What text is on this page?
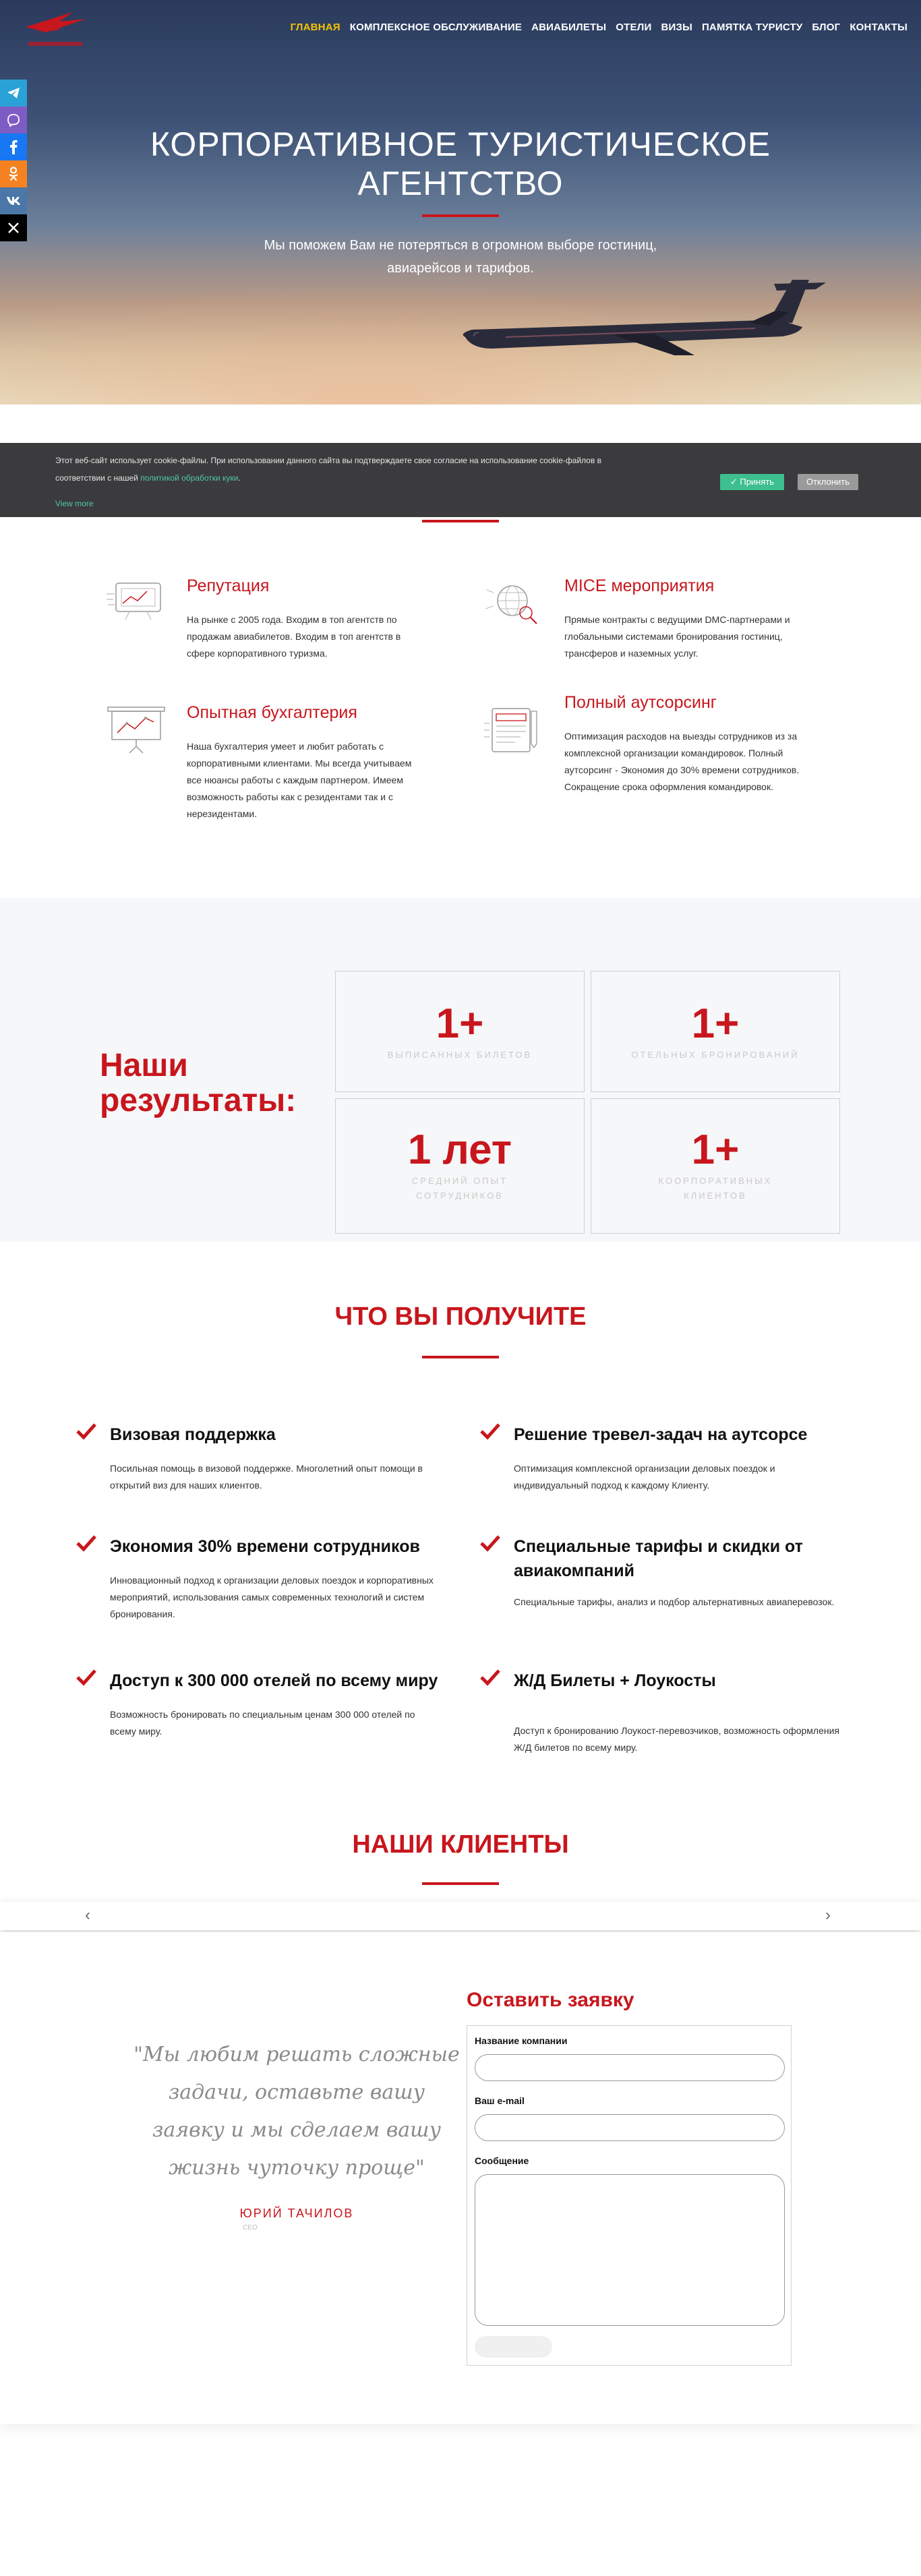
ГЛАВНАЯ КОМПЛЕКСНОЕ ОБСЛУЖИВАНИЕ АВИАБИЛЕТЫ ОТЕЛИ ВИЗЫ ПАМЯТКА ТУРИСТУ БЛОГ КОНТАКТЫ
КОРПОРАТИВНОЕ ТУРИСТИЧЕСКОЕ
АГЕНТСТВО

Мы поможем Вам не потеряться в огромном выборе гостиниц,
авиарейсов и тарифов.

Этот веб-сайт использует cookie-файлы. При использовании данного сайта вы подтверждаете свое согласие на использование cookie-файлов в
соответствии с нашей политикой обработки куки.
View more
✓ Принять	Отклонить
Репутация

На рынке с 2005 года. Входим в топ агентств по продажам авиабилетов. Входим в топ агентств в сфере корпоративного туризма.

MICE мероприятия

Прямые контракты с ведущими DMC-партнерами и глобальными системами бронирования гостиниц, трансферов и наземных услуг.

Опытная бухгалтерия

Наша бухгалтерия умеет и любит работать с корпоративными клиентами. Мы всегда учитываем все нюансы работы с каждым партнером. Имеем возможность работы как с резидентами так и с нерезидентами.

Полный аутсорсинг

Оптимизация расходов на выезды сотрудников из за комплексной организации командировок. Полный аутсорсинг - Экономия до 30% времени сотрудников. Сокращение срока оформления командировок.

Наши
результаты:
1+
ВЫПИСАННЫХ БИЛЕТОВ
1+
ОТЕЛЬНЫХ БРОНИРОВАНИЙ
1 лет
СРЕДНИЙ ОПЫТ
СОТРУДНИКОВ
1+
КООРПОРАТИВНЫХ
КЛИЕНТОВ
ЧТО ВЫ ПОЛУЧИТЕ
Визовая поддержка

Посильная помощь в визовой поддержке. Многолетний опыт помощи в открытий виз для наших клиентов.

Решение тревел-задач на аутсорсе

Оптимизация комплексной организации деловых поездок и индивидуальный подход к каждому Клиенту.

Экономия 30% времени сотрудников

Инновационный подход к организации деловых поездок и корпоративных мероприятий, использования самых современных технологий и систем бронирования.

Специальные тарифы и скидки от авиакомпаний

Специальные тарифы, анализ и подбор альтернативных авиаперевозок.

Доступ к 300 000 отелей по всему миру

Возможность бронировать по специальным ценам 300 000 отелей по всему миру.

Ж/Д Билеты + Лоукосты

Доступ к бронированию Лоукост-перевозчиков, возможность оформления Ж/Д билетов по всему миру.

НАШИ КЛИЕНТЫ
‹	›
"Мы любим решать сложные
задачи, оставьте вашу
заявку и мы сделаем вашу
жизнь чуточку проще"
ЮРИЙ ТАЧИЛОВ
CEO
Оставить заявку
Название компании
Ваш e-mail
Сообщение
Отправить
